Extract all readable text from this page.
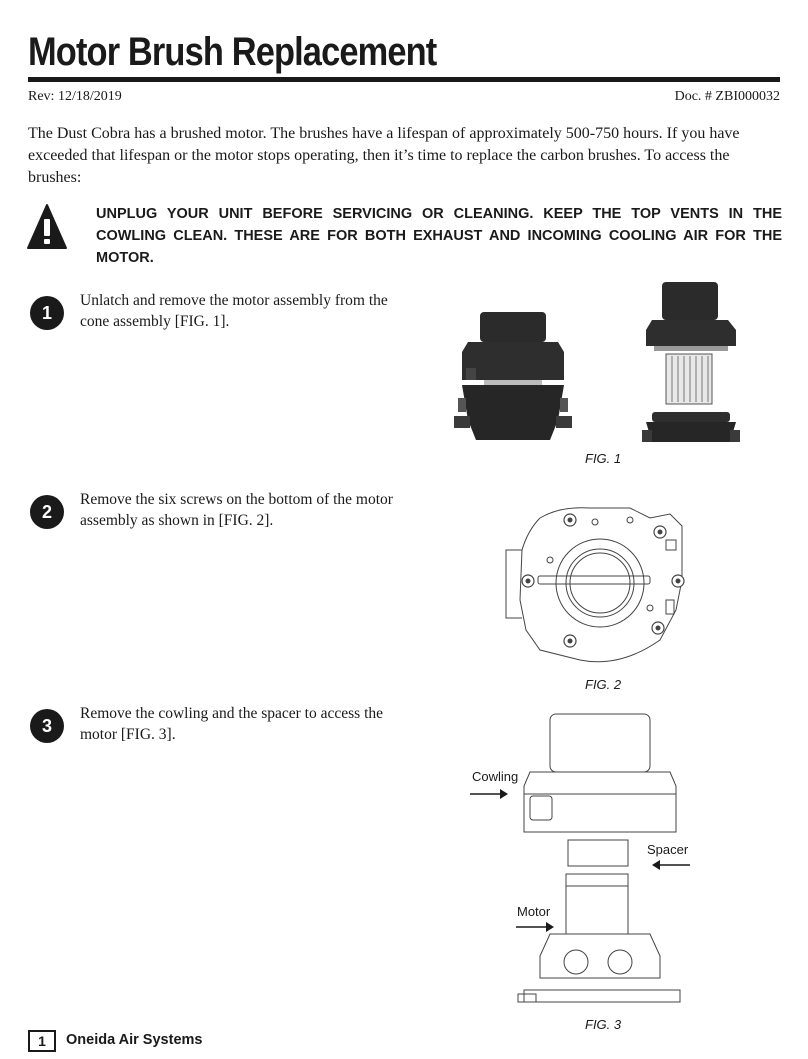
Motor Brush Replacement
Rev: 12/18/2019	Doc. # ZBI000032
The Dust Cobra has a brushed motor. The brushes have a lifespan of approximately 500-750 hours. If you have exceeded that lifespan or the motor stops operating, then it’s time to replace the carbon brushes. To access the brushes:
UNPLUG YOUR UNIT BEFORE SERVICING OR CLEANING. KEEP THE TOP VENTS IN THE COWLING CLEAN. THESE ARE FOR BOTH EXHAUST AND INCOMING COOLING AIR FOR THE MOTOR.
1
Unlatch and remove the motor assembly from the cone assembly [FIG. 1].
FIG. 1
2
Remove the six screws on the bottom of the motor assembly as shown in [FIG. 2].
FIG. 2
3
Remove the cowling and the spacer to access the motor [FIG. 3].
Cowling
Spacer
Motor
FIG. 3
1	Oneida Air Systems
